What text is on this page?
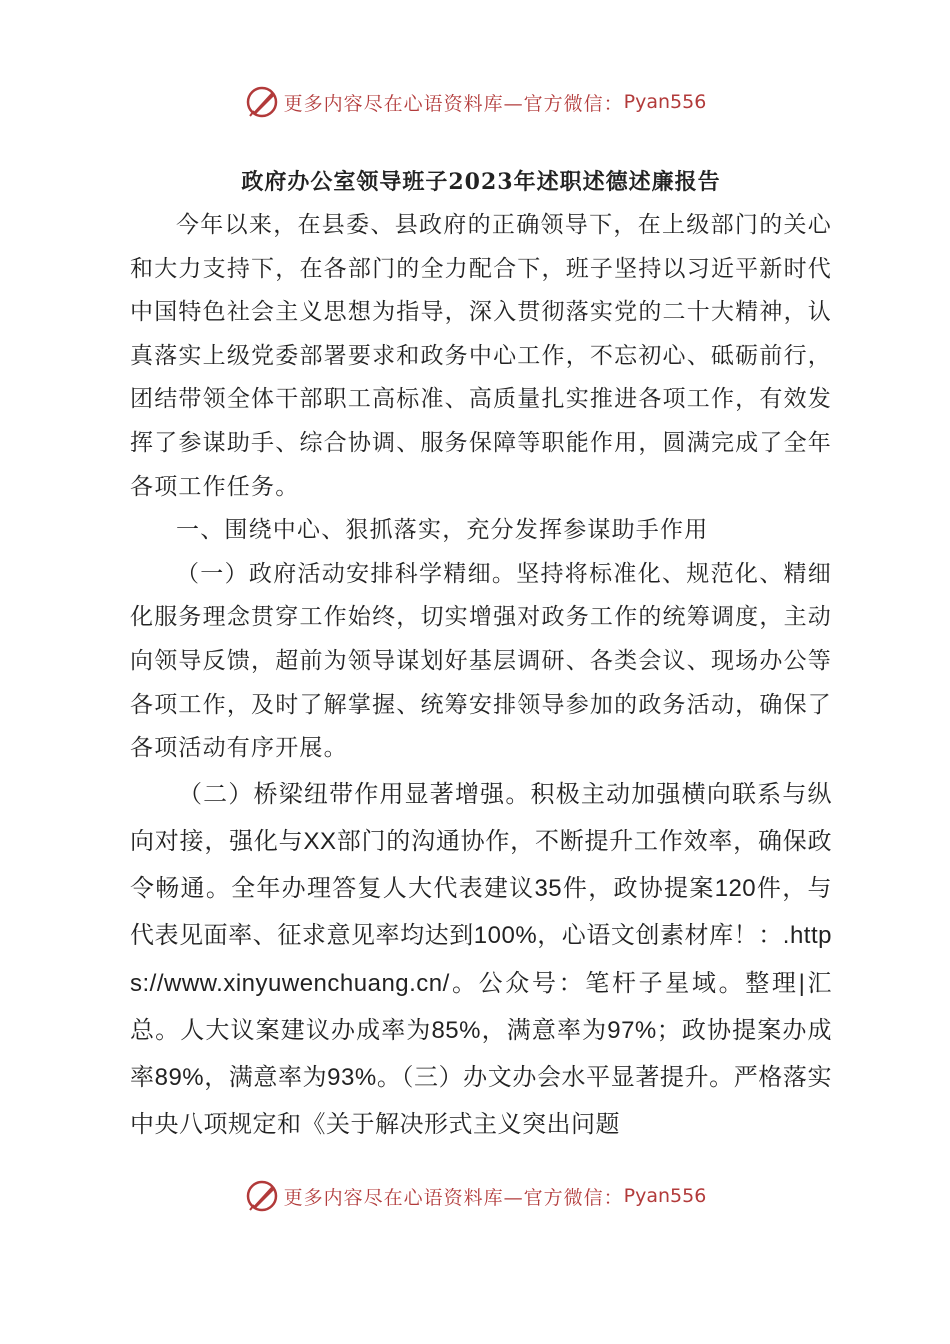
更多内容尽在心语资料库—官方微信： Pyan556
政府办公室领导班子2023年述职述德述廉报告

今年以来，在县委、县政府的正确领导下，在上级部门的关心和大力支持下，在各部门的全力配合下，班子坚持以习近平新时代中国特色社会主义思想为指导，深入贯彻落实党的二十大精神，认真落实上级党委部署要求和政务中心工作，不忘初心、砥砺前行，团结带领全体干部职工高标准、高质量扎实推进各项工作，有效发挥了参谋助手、综合协调、服务保障等职能作用，圆满完成了全年各项工作任务。

一、围绕中心、狠抓落实，充分发挥参谋助手作用

（一）政府活动安排科学精细。坚持将标准化、规范化、精细化服务理念贯穿工作始终，切实增强对政务工作的统筹调度，主动向领导反馈，超前为领导谋划好基层调研、各类会议、现场办公等各项工作，及时了解掌握、统筹安排领导参加的政务活动，确保了各项活动有序开展。

（二）桥梁纽带作用显著增强。积极主动加强横向联系与纵向对接，强化与XX部门的沟通协作，不断提升工作效率，确保政令畅通。全年办理答复人大代表建议35件，政协提案120件，与代表见面率、征求意见率均达到100%，心语文创素材库！：.https://www.xinyuwenchuang.cn/。公众号：笔杆子星域。整理|汇总。人大议案建议办成率为85%，满意率为97%；政协提案办成率89%，满意率为93%。（三）办文办会水平显著提升。严格落实中央八项规定和《关于解决形式主义突出问题

更多内容尽在心语资料库—官方微信： Pyan556
